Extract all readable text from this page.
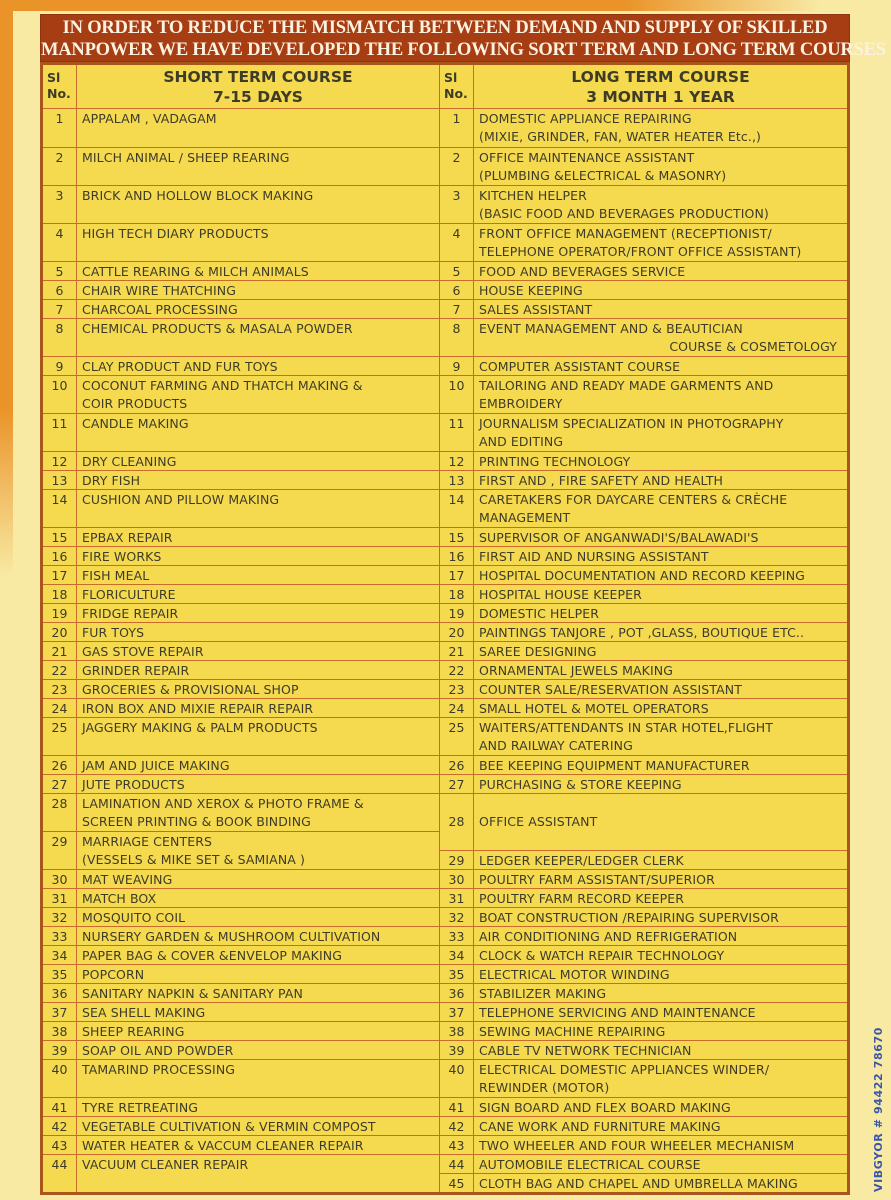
IN ORDER TO REDUCE THE MISMATCH BETWEEN DEMAND AND SUPPLY OF SKILLED
MANPOWER WE HAVE DEVELOPED THE FOLLOWING SORT TERM AND LONG TERM COURSES
Sl
No.
SHORT TERM COURSE
7-15 DAYS
1	APPALAM , VADAGAM
2	MILCH ANIMAL / SHEEP REARING
3	BRICK AND HOLLOW BLOCK MAKING
4	HIGH TECH DIARY PRODUCTS
5	CATTLE REARING & MILCH ANIMALS
6	CHAIR WIRE THATCHING
7	CHARCOAL PROCESSING
8	CHEMICAL PRODUCTS & MASALA POWDER
9	CLAY PRODUCT AND FUR TOYS
10	COCONUT FARMING AND THATCH MAKING &
COIR PRODUCTS
11	CANDLE MAKING
12	DRY CLEANING
13	DRY FISH
14	CUSHION AND PILLOW MAKING
15	EPBAX REPAIR
16	FIRE WORKS
17	FISH MEAL
18	FLORICULTURE
19	FRIDGE REPAIR
20	FUR TOYS
21	GAS STOVE REPAIR
22	GRINDER REPAIR
23	GROCERIES & PROVISIONAL SHOP
24	IRON BOX AND MIXIE REPAIR REPAIR
25	JAGGERY MAKING & PALM PRODUCTS
26	JAM AND JUICE MAKING
27	JUTE PRODUCTS
28	LAMINATION AND XEROX & PHOTO FRAME &
SCREEN PRINTING & BOOK BINDING
29	MARRIAGE CENTERS
(VESSELS & MIKE SET & SAMIANA )
30	MAT WEAVING
31	MATCH BOX
32	MOSQUITO COIL
33	NURSERY GARDEN & MUSHROOM CULTIVATION
34	PAPER BAG & COVER &ENVELOP MAKING
35	POPCORN
36	SANITARY NAPKIN & SANITARY PAN
37	SEA SHELL MAKING
38	SHEEP REARING
39	SOAP OIL AND POWDER
40	TAMARIND PROCESSING
41	TYRE RETREATING
42	VEGETABLE CULTIVATION & VERMIN COMPOST
43	WATER HEATER & VACCUM CLEANER REPAIR
44	VACUUM CLEANER REPAIR
Sl
No.
LONG TERM COURSE
3 MONTH 1 YEAR
1	DOMESTIC APPLIANCE REPAIRING
(MIXIE, GRINDER, FAN, WATER HEATER Etc.,)
2	OFFICE MAINTENANCE ASSISTANT
(PLUMBING &ELECTRICAL & MASONRY)
3	KITCHEN HELPER
(BASIC FOOD AND BEVERAGES PRODUCTION)
4	FRONT OFFICE MANAGEMENT (RECEPTIONIST/
TELEPHONE OPERATOR/FRONT OFFICE ASSISTANT)
5	FOOD AND BEVERAGES SERVICE
6	HOUSE KEEPING
7	SALES ASSISTANT
8	EVENT MANAGEMENT AND & BEAUTICIAN
COURSE & COSMETOLOGY
9	COMPUTER ASSISTANT COURSE
10	TAILORING AND READY MADE GARMENTS AND
EMBROIDERY
11	JOURNALISM SPECIALIZATION IN PHOTOGRAPHY
AND EDITING
12	PRINTING TECHNOLOGY
13	FIRST AND , FIRE SAFETY AND HEALTH
14	CARETAKERS FOR DAYCARE CENTERS & CRÈCHE
MANAGEMENT
15	SUPERVISOR OF ANGANWADI'S/BALAWADI'S
16	FIRST AID AND NURSING ASSISTANT
17	HOSPITAL DOCUMENTATION AND RECORD KEEPING
18	HOSPITAL HOUSE KEEPER
19	DOMESTIC HELPER
20	PAINTINGS TANJORE , POT ,GLASS, BOUTIQUE ETC..
21	SAREE DESIGNING
22	ORNAMENTAL JEWELS MAKING
23	COUNTER SALE/RESERVATION ASSISTANT
24	SMALL HOTEL & MOTEL OPERATORS
25	WAITERS/ATTENDANTS IN STAR HOTEL,FLIGHT
AND RAILWAY CATERING
26	BEE KEEPING EQUIPMENT MANUFACTURER
27	PURCHASING & STORE KEEPING
28	OFFICE ASSISTANT
29	LEDGER KEEPER/LEDGER CLERK
30	POULTRY FARM ASSISTANT/SUPERIOR
31	POULTRY FARM RECORD KEEPER
32	BOAT CONSTRUCTION /REPAIRING SUPERVISOR
33	AIR CONDITIONING AND REFRIGERATION
34	CLOCK & WATCH REPAIR TECHNOLOGY
35	ELECTRICAL MOTOR WINDING
36	STABILIZER MAKING
37	TELEPHONE SERVICING AND MAINTENANCE
38	SEWING MACHINE REPAIRING
39	CABLE TV NETWORK TECHNICIAN
40	ELECTRICAL DOMESTIC APPLIANCES WINDER/
REWINDER (MOTOR)
41	SIGN BOARD AND FLEX BOARD MAKING
42	CANE WORK AND FURNITURE MAKING
43	TWO WHEELER AND FOUR WHEELER MECHANISM
44	AUTOMOBILE ELECTRICAL COURSE
45	CLOTH BAG AND CHAPEL AND UMBRELLA MAKING	VIBGYOR # 94422 78670
